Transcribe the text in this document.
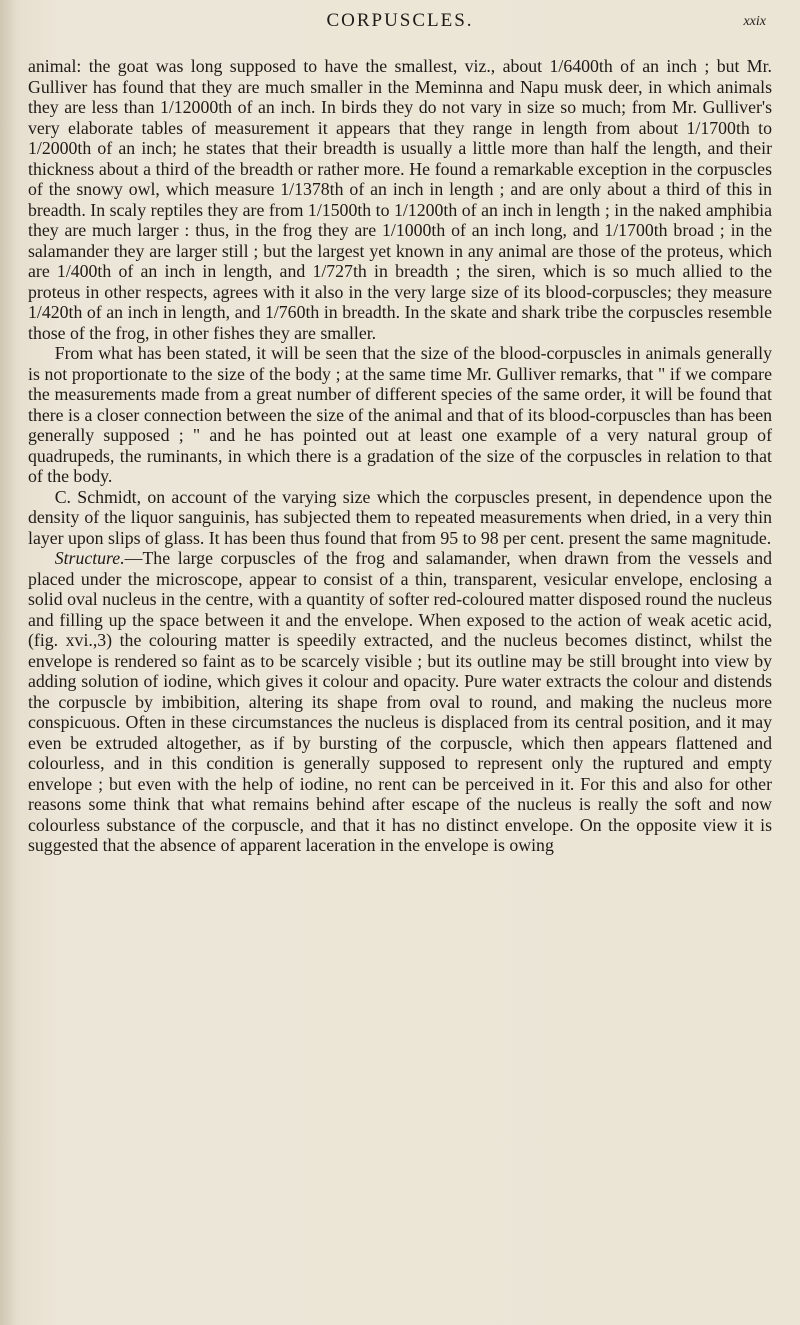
CORPUSCLES.	xxix

animal: the goat was long supposed to have the smallest, viz., about 1/6400th of an inch ; but Mr. Gulliver has found that they are much smaller in the Meminna and Napu musk deer, in which animals they are less than 1/12000th of an inch. In birds they do not vary in size so much; from Mr. Gulliver's very elaborate tables of measurement it appears that they range in length from about 1/1700th to 1/2000th of an inch; he states that their breadth is usually a little more than half the length, and their thickness about a third of the breadth or rather more. He found a remarkable exception in the corpuscles of the snowy owl, which measure 1/1378th of an inch in length ; and are only about a third of this in breadth. In scaly reptiles they are from 1/1500th to 1/1200th of an inch in length ; in the naked amphibia they are much larger : thus, in the frog they are 1/1000th of an inch long, and 1/1700th broad ; in the salamander they are larger still ; but the largest yet known in any animal are those of the proteus, which are 1/400th of an inch in length, and 1/727th in breadth ; the siren, which is so much allied to the proteus in other respects, agrees with it also in the very large size of its blood-corpuscles; they measure 1/420th of an inch in length, and 1/760th in breadth. In the skate and shark tribe the corpuscles resemble those of the frog, in other fishes they are smaller.

From what has been stated, it will be seen that the size of the blood-corpuscles in animals generally is not proportionate to the size of the body ; at the same time Mr. Gulliver remarks, that " if we compare the measurements made from a great number of different species of the same order, it will be found that there is a closer connection between the size of the animal and that of its blood-corpuscles than has been generally supposed ; " and he has pointed out at least one example of a very natural group of quadrupeds, the ruminants, in which there is a gradation of the size of the corpuscles in relation to that of the body.

C. Schmidt, on account of the varying size which the corpuscles present, in dependence upon the density of the liquor sanguinis, has subjected them to repeated measurements when dried, in a very thin layer upon slips of glass. It has been thus found that from 95 to 98 per cent. present the same magnitude.

Structure.—The large corpuscles of the frog and salamander, when drawn from the vessels and placed under the microscope, appear to consist of a thin, transparent, vesicular envelope, enclosing a solid oval nucleus in the centre, with a quantity of softer red-coloured matter disposed round the nucleus and filling up the space between it and the envelope. When exposed to the action of weak acetic acid, (fig. xvi.,3) the colouring matter is speedily extracted, and the nucleus becomes distinct, whilst the envelope is rendered so faint as to be scarcely visible ; but its outline may be still brought into view by adding solution of iodine, which gives it colour and opacity. Pure water extracts the colour and distends the corpuscle by imbibition, altering its shape from oval to round, and making the nucleus more conspicuous. Often in these circumstances the nucleus is displaced from its central position, and it may even be extruded altogether, as if by bursting of the corpuscle, which then appears flattened and colourless, and in this condition is generally supposed to represent only the ruptured and empty envelope ; but even with the help of iodine, no rent can be perceived in it. For this and also for other reasons some think that what remains behind after escape of the nucleus is really the soft and now colourless substance of the corpuscle, and that it has no distinct envelope. On the opposite view it is suggested that the absence of apparent laceration in the envelope is owing
